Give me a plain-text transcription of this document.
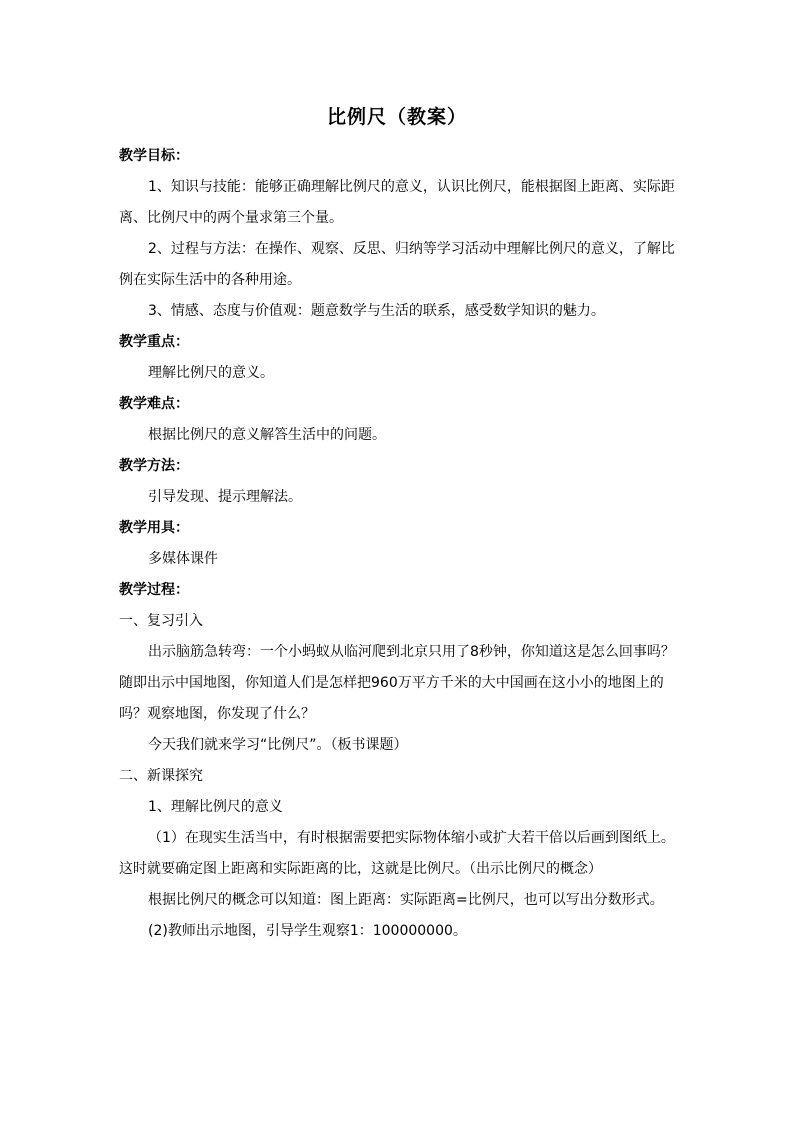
比例尺（教案）
教学目标：
1、知识与技能：能够正确理解比例尺的意义，认识比例尺，能根据图上距离、实际距
离、比例尺中的两个量求第三个量。
2、过程与方法：在操作、观察、反思、归纳等学习活动中理解比例尺的意义，了解比
例在实际生活中的各种用途。
3、情感、态度与价值观：题意数学与生活的联系，感受数学知识的魅力。
教学重点：
理解比例尺的意义。
教学难点：
根据比例尺的意义解答生活中的问题。
教学方法：
引导发现、提示理解法。
教学用具：
多媒体课件
教学过程：
一、复习引入
出示脑筋急转弯：一个小蚂蚁从临河爬到北京只用了8秒钟，你知道这是怎么回事吗？
随即出示中国地图，你知道人们是怎样把960万平方千米的大中国画在这小小的地图上的
吗？观察地图，你发现了什么？
今天我们就来学习“比例尺”。（板书课题）
二、新课探究
1、理解比例尺的意义
（1）在现实生活当中，有时根据需要把实际物体缩小或扩大若干倍以后画到图纸上。
这时就要确定图上距离和实际距离的比，这就是比例尺。（出示比例尺的概念）
根据比例尺的概念可以知道：图上距离：实际距离=比例尺，也可以写出分数形式。
(2)教师出示地图，引导学生观察1：100000000。
